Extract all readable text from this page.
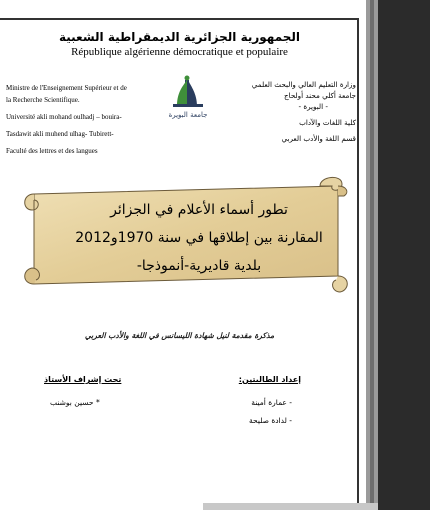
الجمهورية الجزائرية الديمقراطية الشعبية
République algérienne démocratique et populaire
Ministre de l'Enseignement Supérieur et de
la Recherche Scientifique.
Université akli mohand oulhadj – bouira-
Tasdawit akli muhend ulhag- Tubirett-
Faculté des lettres et des langues
وزارة التعليم العالي والبحث العلمي
جامعة أكلي محند أولحاج
- البويرة -
كلية اللغات والآداب
قسم اللغة والأدب العربي
جامعة البويرة
تطور أسماء الأعلام في الجزائر
المقارنة بين إطلاقها في سنة 1970و2012
بلدية قاديرية-أنموذجا-
مذكرة مقدمة لنيل شهادة الليسانس في اللغة والأدب العربي
إعداد الطالبتين:
- عمارة أمينة
- لدادة صليحة
تحت إشراف الأستاذ
* حسين بوشنب
